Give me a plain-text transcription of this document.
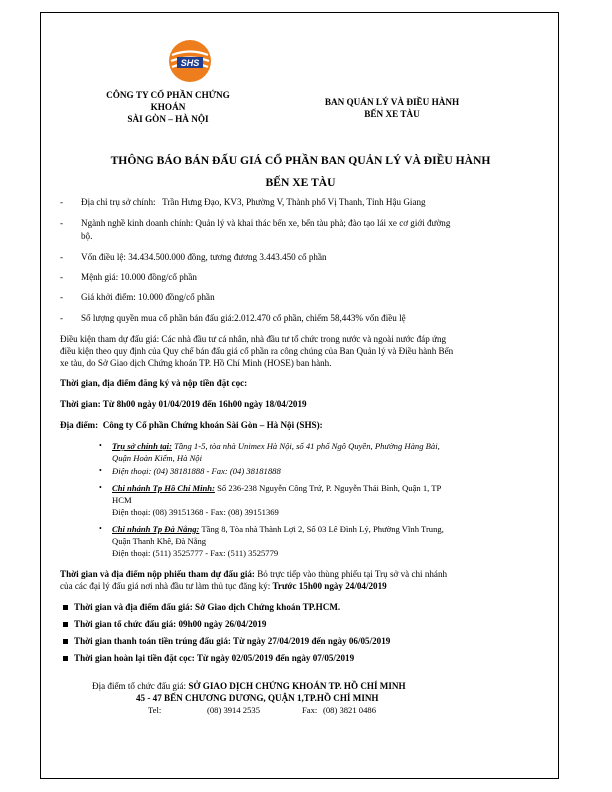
SHS
CÔNG TY CỔ PHẦN CHỨNG KHOÁN
SÀI GÒN – HÀ NỘI
BAN QUẢN LÝ VÀ ĐIỀU HÀNH
BẾN XE TÀU
THÔNG BÁO BÁN ĐẤU GIÁ CỔ PHẦN BAN QUẢN LÝ VÀ ĐIỀU HÀNH
BẾN XE TÀU
- Địa chỉ trụ sở chính: Trần Hưng Đạo, KV3, Phường V, Thành phố Vị Thanh, Tỉnh Hậu Giang
- Ngành nghề kinh doanh chính: Quản lý và khai thác bến xe, bến tàu phà; đào tạo lái xe cơ giới đường
bộ.
- Vốn điều lệ: 34.434.500.000 đồng, tương đương 3.443.450 cổ phần
- Mệnh giá: 10.000 đồng/cổ phần
- Giá khởi điểm: 10.000 đồng/cổ phần
- Số lượng quyền mua cổ phần bán đấu giá:2.012.470 cổ phần, chiếm 58,443% vốn điều lệ
Điều kiện tham dự đấu giá: Các nhà đầu tư cá nhân, nhà đầu tư tổ chức trong nước và ngoài nước đáp ứng
điều kiện theo quy định của Quy chế bán đấu giá cổ phần ra công chúng của Ban Quản lý và Điều hành Bến
xe tàu, do Sở Giao dịch Chứng khoán TP. Hồ Chí Minh (HOSE) ban hành.
Thời gian, địa điểm đăng ký và nộp tiền đặt cọc:
Thời gian: Từ 8h00 ngày 01/04/2019 đến 16h00 ngày 18/04/2019
Địa điểm: Công ty Cổ phần Chứng khoán Sài Gòn – Hà Nội (SHS):
• Trụ sở chính tại: Tầng 1-5, tòa nhà Unimex Hà Nội, số 41 phố Ngô Quyền, Phường Hàng Bài,
Quận Hoàn Kiếm, Hà Nội
• Điện thoại: (04) 38181888 - Fax: (04) 38181888
• Chi nhánh Tp Hồ Chí Minh: Số 236-238 Nguyễn Công Trứ, P. Nguyễn Thái Bình, Quận 1, TP
HCM
Điện thoại: (08) 39151368 - Fax: (08) 39151369
• Chi nhánh Tp Đà Nẵng: Tầng 8, Tòa nhà Thành Lợi 2, Số 03 Lê Đình Lý, Phường Vĩnh Trung,
Quận Thanh Khê, Đà Nẵng
Điện thoại: (511) 3525777 - Fax: (511) 3525779
Thời gian và địa điểm nộp phiếu tham dự đấu giá: Bỏ trực tiếp vào thùng phiếu tại Trụ sở và chi nhánh
của các đại lý đấu giá nơi nhà đầu tư làm thủ tục đăng ký: Trước 15h00 ngày 24/04/2019
Thời gian và địa điểm đấu giá: Sở Giao dịch Chứng khoán TP.HCM.
Thời gian tổ chức đấu giá: 09h00 ngày 26/04/2019
Thời gian thanh toán tiền trúng đấu giá: Từ ngày 27/04/2019 đến ngày 06/05/2019
Thời gian hoàn lại tiền đặt cọc: Từ ngày 02/05/2019 đến ngày 07/05/2019
Địa điểm tổ chức đấu giá: SỞ GIAO DỊCH CHỨNG KHOÁN TP. HỒ CHÍ MINH
45 - 47 BẾN CHƯƠNG DƯƠNG, QUẬN 1,TP.HỒ CHÍ MINH
Tel:	(08) 3914 2535	Fax: (08) 3821 0486
